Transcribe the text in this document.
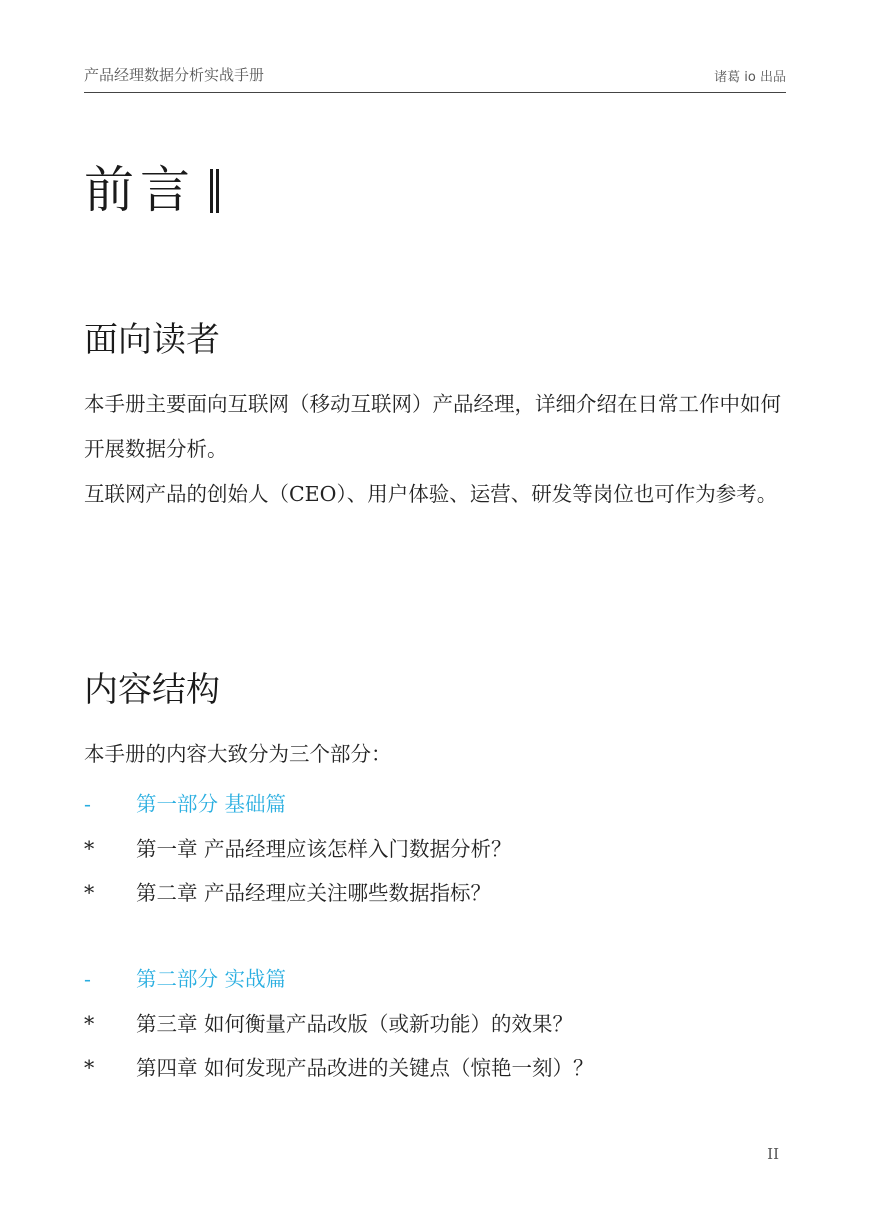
产品经理数据分析实战手册	诸葛 io 出品
前言
面向读者

本手册主要面向互联网（移动互联网）产品经理，详细介绍在日常工作中如何开展数据分析。

互联网产品的创始人（CEO）、用户体验、运营、研发等岗位也可作为参考。

内容结构
本手册的内容大致分为三个部分：
- 第一部分 基础篇
* 第一章 产品经理应该怎样入门数据分析？
* 第二章 产品经理应关注哪些数据指标？
- 第二部分 实战篇
* 第三章 如何衡量产品改版（或新功能）的效果？
* 第四章 如何发现产品改进的关键点（惊艳一刻）？
II
